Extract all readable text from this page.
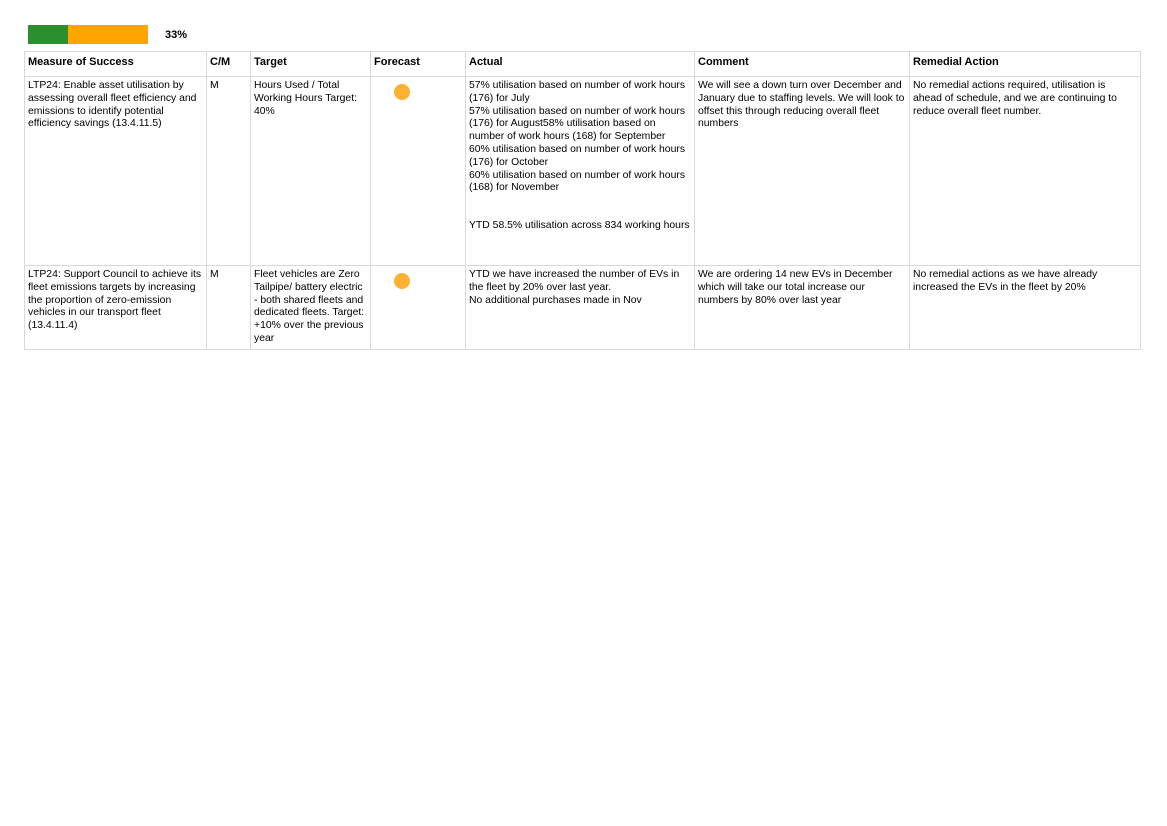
33%
Measure of Success	C/M	Target	Forecast	Actual	Comment	Remedial Action
LTP24: Enable asset utilisation by assessing overall fleet efficiency and emissions to identify potential efficiency savings (13.4.11.5)	M	Hours Used / Total Working Hours Target: 40%		57% utilisation based on number of work hours (176) for July
57% utilisation based on number of work hours (176) for August58% utilisation based on number of work hours (168) for September
60% utilisation based on number of work hours (176) for October
60% utilisation based on number of work hours (168) for November
YTD 58.5% utilisation across 834 working hours	We will see a down turn over December and January due to staffing levels. We will look to offset this through reducing overall fleet numbers	No remedial actions required, utilisation is ahead of schedule, and we are continuing to reduce overall fleet number.
LTP24: Support Council to achieve its fleet emissions targets by increasing the proportion of zero-emission vehicles in our transport fleet (13.4.11.4)	M	Fleet vehicles are Zero Tailpipe/ battery electric - both shared fleets and dedicated fleets. Target: +10% over the previous year		YTD we have increased the number of EVs in the fleet by 20% over last year.
No additional purchases made in Nov	We are ordering 14 new EVs in December which will take our total increase our numbers by 80% over last year	No remedial actions as we have already increased the EVs in the fleet by 20%
